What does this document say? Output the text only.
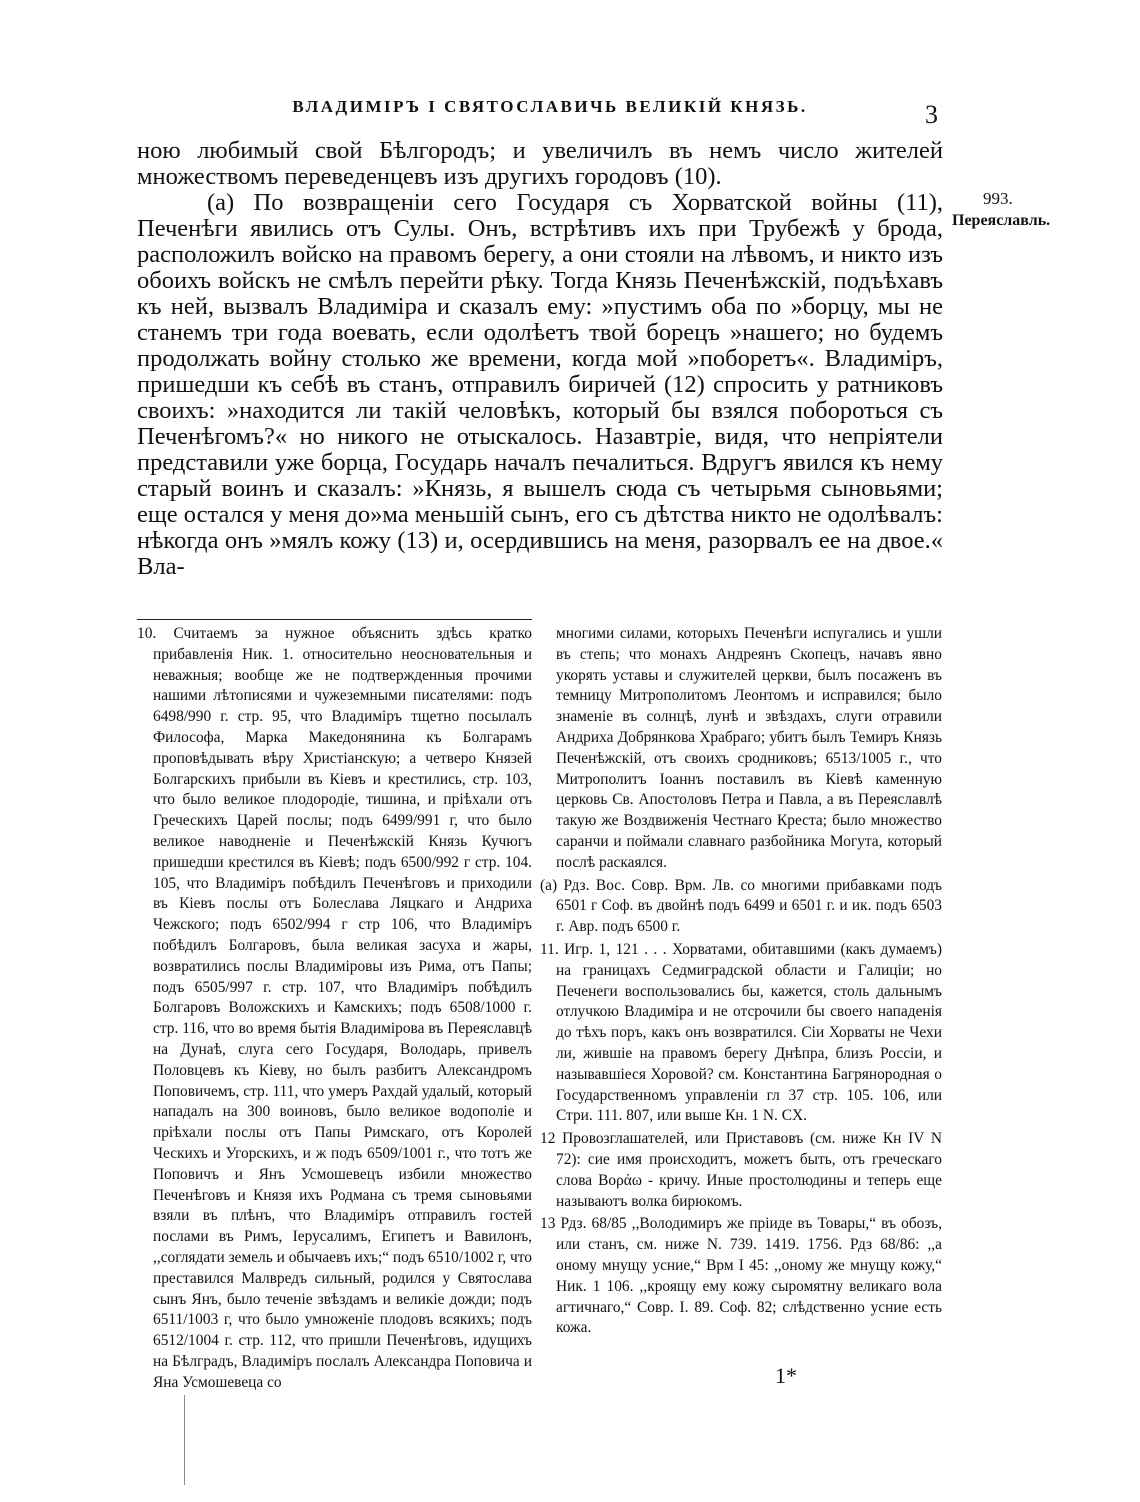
ВЛАДИМІРЪ І СВЯТОСЛАВИЧЬ ВЕЛИКІЙ КНЯЗЬ.	3

ною любимый свой Бѣлгородъ; и увеличилъ въ немъ число жителей множествомъ переведенцевъ изъ другихъ городовъ (10).

(а) По возвращеніи сего Государя съ Хорватской войны (11), Печенѣги явились отъ Сулы. Онъ, встрѣтивъ ихъ при Трубежѣ у брода, расположилъ войско на правомъ берегу, а они стояли на лѣвомъ, и никто изъ обоихъ войскъ не смѣлъ перейти рѣку. Тогда Князь Печенѣжскій, подъѣхавъ къ ней, вызвалъ Владиміра и сказалъ ему: »пустимъ оба по »борцу, мы не станемъ три года воевать, если одолѣетъ твой борецъ »нашего; но будемъ продолжать войну столько же времени, когда мой »поборетъ«. Владиміръ, пришедши къ себѣ въ станъ, отправилъ биричей (12) спросить у ратниковъ своихъ: »находится ли такій человѣкъ, который бы взялся побороться съ Печенѣгомъ?« но никого не отыскалось. Назавтріе, видя, что непріятели представили уже борца, Государь началъ печалиться. Вдругъ явился къ нему старый воинъ и сказалъ: »Князь, я вышелъ сюда съ четырьмя сыновьями; еще остался у меня до»ма меньшій сынъ, его съ дѣтства никто не одолѣвалъ: нѣкогда онъ »мялъ кожу (13) и, осердившись на меня, разорвалъ ее на двое.« Вла-

993.
Переяславль.

10. Считаемъ за нужное объяснить здѣсь кратко прибавленія Ник. 1. относительно неосновательныя и неважныя; вообще же не подтвержденныя прочими нашими лѣтописями и чужеземными писателями: подъ 6498/990 г. стр. 95, что Владиміръ тщетно посылалъ Философа, Марка Македонянина къ Болгарамъ проповѣдывать вѣру Христіанскую; а четверо Князей Болгарскихъ прибыли въ Кіевъ и крестились, стр. 103, что было великое плодородіе, тишина, и пріѣхали отъ Греческихъ Царей послы; подъ 6499/991 г, что было великое наводненіе и Печенѣжскій Князь Кучюгъ пришедши крестился въ Кіевѣ; подъ 6500/992 г стр. 104. 105, что Владиміръ побѣдилъ Печенѣговъ и приходили въ Кіевъ послы отъ Болеслава Ляцкаго и Андриха Чежского; подъ 6502/994 г стр 106, что Владиміръ побѣдилъ Болгаровъ, была великая засуха и жары, возвратились послы Владиміровы изъ Рима, отъ Папы; подъ 6505/997 г. стр. 107, что Владиміръ побѣдилъ Болгаровъ Воложскихъ и Камскихъ; подъ 6508/1000 г. стр. 116, что во время бытія Владимірова въ Переяславцѣ на Дунаѣ, слуга сего Государя, Володарь, привелъ Половцевъ къ Кіеву, но былъ разбитъ Александромъ Поповичемъ, стр. 111, что умеръ Рахдай удалый, который нападалъ на 300 воиновъ, было великое водополіе и пріѣхали послы отъ Папы Римскаго, отъ Королей Ческихъ и Угорскихъ, и ж подъ 6509/1001 г., что тотъ же Поповичъ и Янъ Усмошевецъ избили множество Печенѣговъ и Князя ихъ Родмана съ тремя сыновьями взяли въ плѣнъ, что Владиміръ отправилъ гостей послами въ Римъ, Іерусалимъ, Египетъ и Вавилонъ, ,,соглядати земель и обычаевъ ихъ;“ подъ 6510/1002 г, что преставился Малвредъ сильный, родился у Святослава сынъ Янъ, было теченіе звѣздамъ и великіе дожди; подъ 6511/1003 г, что было умноженіе плодовъ всякихъ; подъ 6512/1004 г. стр. 112, что пришли Печенѣговъ, идущихъ на Бѣлградъ, Владиміръ послалъ Александра Поповича и Яна Усмошевеца со

многими силами, которыхъ Печенѣги испугались и ушли въ степь; что монахъ Андреянъ Скопецъ, начавъ явно укорять уставы и служителей церкви, былъ посаженъ въ темницу Митрополитомъ Леонтомъ и исправился; было знаменіе въ солнцѣ, лунѣ и звѣздахъ, слуги отравили Андриха Добрянкова Храбраго; убитъ былъ Темиръ Князь Печенѣжскій, отъ своихъ сродниковъ; 6513/1005 г., что Митрополитъ Іоаннъ поставилъ въ Кіевѣ каменную церковь Св. Апостоловъ Петра и Павла, а въ Переяславлѣ такую же Воздвиженія Честнаго Креста; было множество саранчи и поймали славнаго разбойника Могута, который послѣ раскаялся.

(а) Рдз. Вос. Совр. Врм. Лв. со многими прибавками подъ 6501 г Соф. въ двойнѣ подъ 6499 и 6501 г. и ик. подъ 6503 г. Авр. подъ 6500 г.

11. Игр. 1, 121 . . . Хорватами, обитавшими (какъ думаемъ) на границахъ Седмиградской области и Галиціи; но Печенеги воспользовались бы, кажется, столь дальнымъ отлучкою Владиміра и не отсрочили бы своего нападенія до тѣхъ поръ, какъ онъ возвратился. Сіи Хорваты не Чехи ли, жившіе на правомъ берегу Днѣпра, близъ Россіи, и называвшіеся Хоровой? см. Константина Багрянородная о Государственномъ управленіи гл 37 стр. 105. 106, или Стри. 111. 807, или выше Кн. 1 N. CX.

12 Провозглашателей, или Приставовъ (см. ниже Кн IV N 72): сие имя происходитъ, можетъ быть, отъ греческаго слова Βοράω - кричу. Иные простолюдины и теперь еще называютъ волка бирюкомъ.

13 Рдз. 68/85 ,,Володимиръ же прiиде въ Товары,“ въ обозъ, или станъ, см. ниже N. 739. 1419. 1756. Рдз 68/86: ,,а оному мнущу усние,“ Врм I 45: ,,оному же мнущу кожу,“ Ник. 1 106. ,,кроящу ему кожу сыромятну великаго вола агтичнаго,“ Совр. I. 89. Соф. 82; слѣдственно усние есть кожа.

1*
